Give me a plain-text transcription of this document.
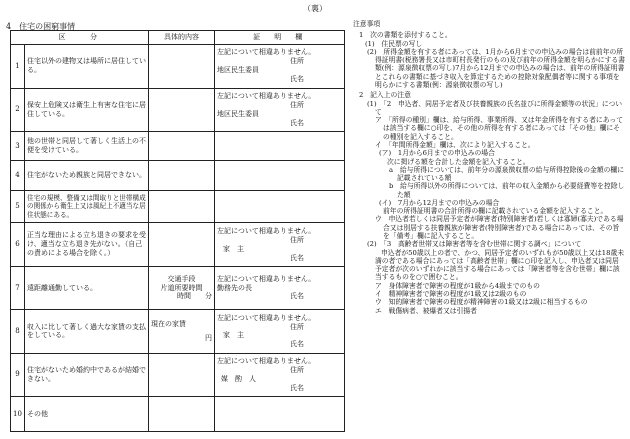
（裏）
4　住宅の困窮事情
区　　分		具体的内容	証　明　欄
1	住宅以外の建物又は場所に居住している。		左記について相違ありません。
住所
地区民生委員
氏名

2	保安上危険又は衛生上有害な住宅に居住している。		左記について相違ありません。
住所
地区民生委員
氏名

3	他の世帯と同居して著しく生活上の不便を受けている。		
4	住宅がないため親族と同居できない。		
5	住宅の規模、整備又は間取りと世帯構成の関係から衛生上又は風紀上不適当な居住状態にある。		
6	正当な理由による立ち退きの要求を受け、適当な立ち退き先がない。（自己の責めによる場合を除く。）		左記について相違ありません。
住所
家　主
氏名

7	遠距離通勤している。	交通手段
片道所要時間
時間　　分	左記について相違ありません。
勤務先の長
氏名

8	収入に比して著しく過大な家賃の支払をしている。	現在の家賃
円	左記について相違ありません。
住所
家　主
氏名

9	住宅がないため婚約中であるが結婚できない。		左記について相違ありません。
住所
媒　酌　人
氏名

10	その他		

注意事項

1　次の書類を添付すること。

(1)　住民票の写し

(2)　所得金額を有する者にあっては、1月から6月までの申込みの場合は前前年の所得証明書(税務署長又は市町村長発行のもの)及び前年の所得金額を明らかにする書類(例：源泉徴収票の写し)7月から12月までの申込みの場合は、前年の所得証明書とこれらの書類に基づき収入を算定するための控除対象配偶者等に関する事項を明らかにする書類(例：源泉徴収票の写し)

2　記入上の注意

(1)　「2　申込者、同居予定者及び扶養親族の氏名並びに所得金額等の状況」について

ア　「所得の種別」欄は、給与所得、事業所得、又は年金所得を有する者にあっては該当する欄に○印を、その他の所得を有する者にあっては「その他」欄にその種別を記入すること。

イ　「年間所得金額」欄は、次により記入すること。

(ア)　1月から6月までの申込みの場合

次に掲げる額を合計した金額を記入すること。

a　給与所得については、前年分の源泉徴収票の給与所得控除後の金額の欄に記載されている額

b　給与所得以外の所得については、前年の収入金額から必要経費等を控除した額

(イ)　7月から12月までの申込みの場合

前年の所得証明書の合計所得の欄に記載されている金額を記入すること。

ウ　申込者若しくは同居予定者が障害者(特別障害者)若しくは寡婦(寡夫)である場合又は別居する扶養親族が障害者(特別障害者)である場合にあっては、その旨を「備考」欄に記入すること。

(2)　「3　高齢者世帯又は障害者等を含む世帯に関する調べ」について

申込者が50歳以上の者で、かつ、同居予定者のいずれもが50歳以上又は18歳未満の者である場合にあっては「高齢者世帯」欄に○印を記入し、申込者又は同居予定者が次のいずれかに該当する場合にあっては「障害者等を含む世帯」欄に該当するものを○で囲むこと。

ア　身体障害者で障害の程度が1級から4級までのもの

イ　精神障害者で障害の程度が1級又は2級のもの

ウ　知的障害者で障害の程度が精神障害の1級又は2級に相当するもの

エ　戦傷病者、被爆者又は引揚者
